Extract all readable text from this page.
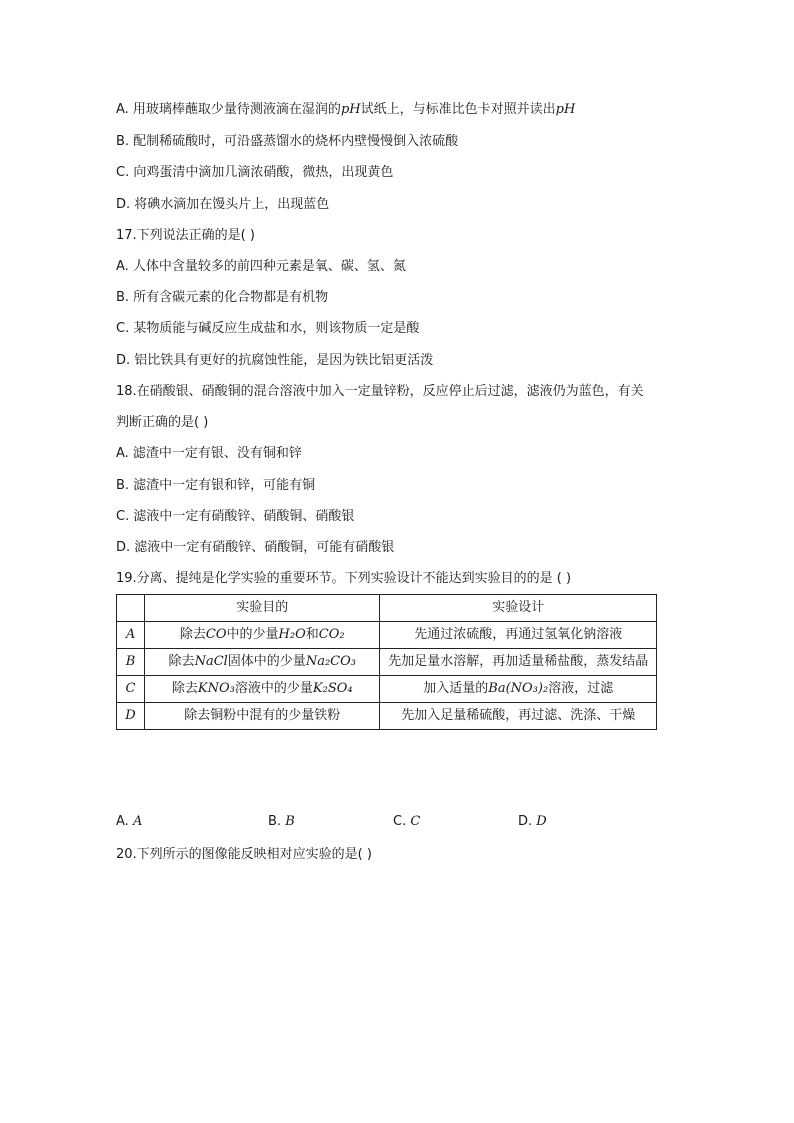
A. 用玻璃棒蘸取少量待测液滴在湿润的pH试纸上，与标准比色卡对照并读出pH
B. 配制稀硫酸时，可沿盛蒸馏水的烧杯内壁慢慢倒入浓硫酸
C. 向鸡蛋清中滴加几滴浓硝酸，微热，出现黄色
D. 将碘水滴加在馒头片上，出现蓝色
17.下列说法正确的是( )
A. 人体中含量较多的前四种元素是氧、碳、氢、氮
B. 所有含碳元素的化合物都是有机物
C. 某物质能与碱反应生成盐和水，则该物质一定是酸
D. 铝比铁具有更好的抗腐蚀性能，是因为铁比铝更活泼
18.在硝酸银、硝酸铜的混合溶液中加入一定量锌粉，反应停止后过滤，滤液仍为蓝色，有关
判断正确的是( )
A. 滤渣中一定有银、没有铜和锌
B. 滤渣中一定有银和锌，可能有铜
C. 滤液中一定有硝酸锌、硝酸铜、硝酸银
D. 滤液中一定有硝酸锌、硝酸铜，可能有硝酸银
19.分离、提纯是化学实验的重要环节。下列实验设计不能达到实验目的的是 ( )
	实验目的	实验设计
A	除去CO中的少量H₂O和CO₂	先通过浓硫酸，再通过氢氧化钠溶液
B	除去NaCl固体中的少量Na₂CO₃	先加足量水溶解，再加适量稀盐酸，蒸发结晶
C	除去KNO₃溶液中的少量K₂SO₄	加入适量的Ba(NO₃)₂溶液，过滤
D	除去铜粉中混有的少量铁粉	先加入足量稀硫酸，再过滤、洗涤、干燥
A. A	B. B	C. C	D. D
20.下列所示的图像能反映相对应实验的是( )
